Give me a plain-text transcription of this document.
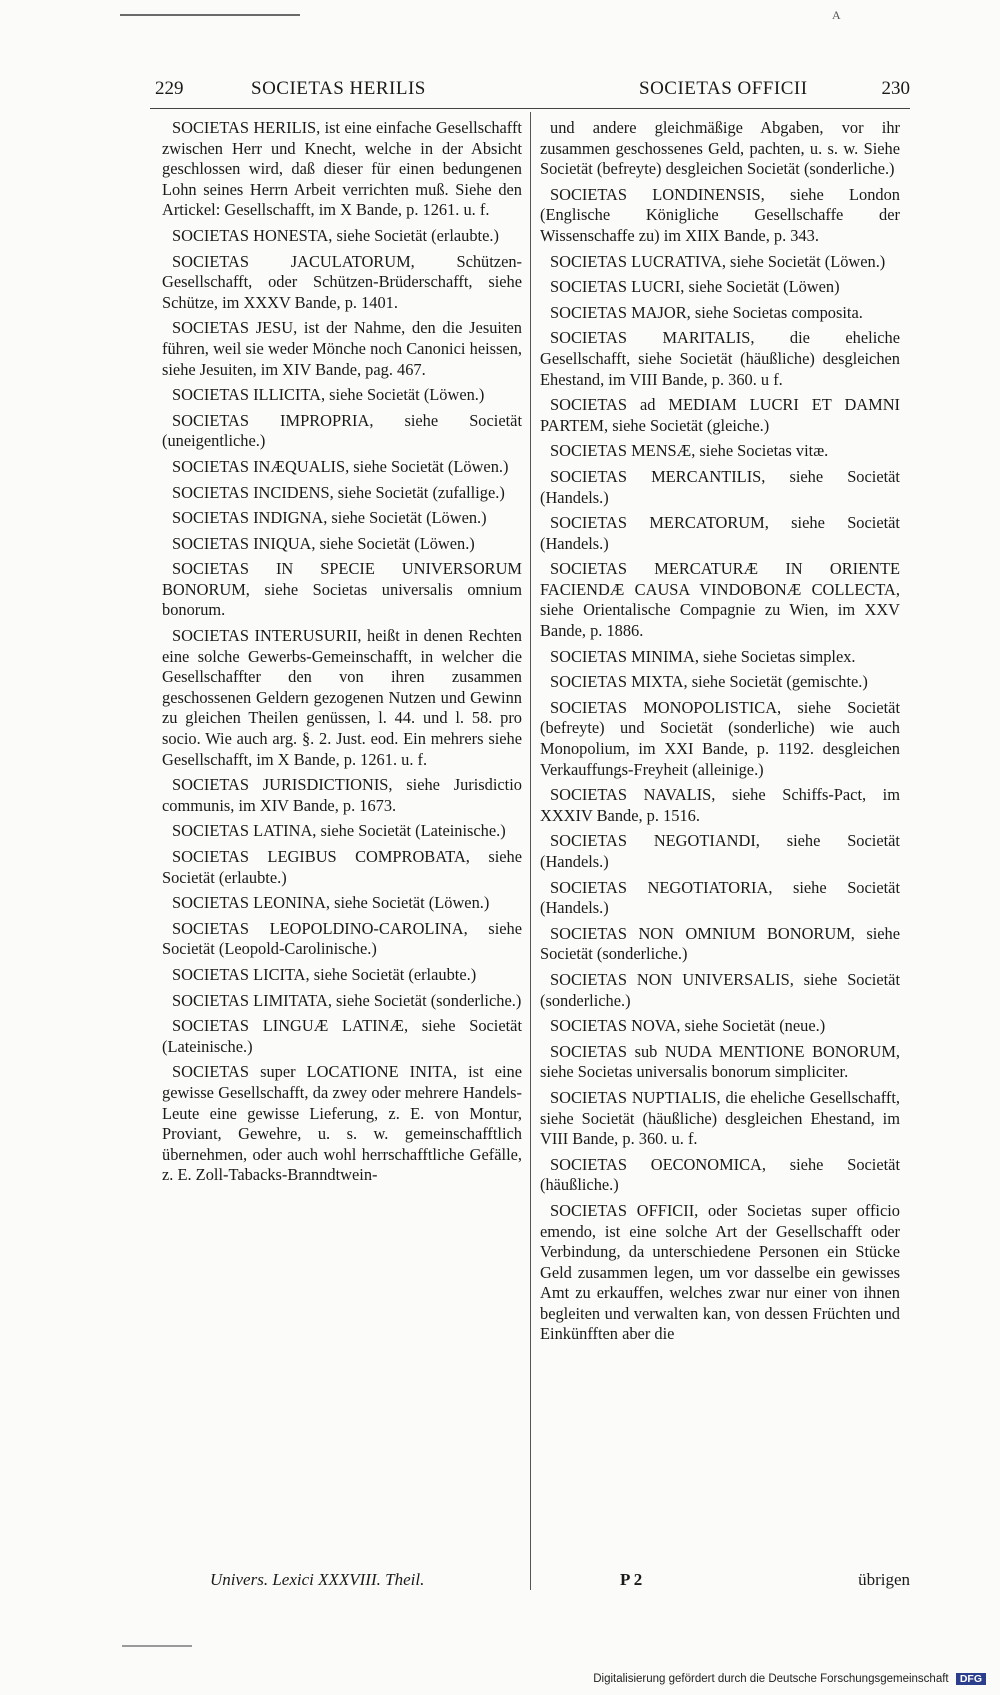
A
229	SOCIETAS HERILIS	SOCIETAS OFFICII	230

SOCIETAS HERILIS, ist eine einfache Gesellschafft zwischen Herr und Knecht, welche in der Absicht geschlossen wird, daß dieser für einen bedungenen Lohn seines Herrn Arbeit verrichten muß. Siehe den Artickel: Gesellschafft, im X Bande, p. 1261. u. f.

SOCIETAS HONESTA, siehe Societät (erlaubte.)

SOCIETAS JACULATORUM, Schützen-Gesellschafft, oder Schützen-Brüderschafft, siehe Schütze, im XXXV Bande, p. 1401.

SOCIETAS JESU, ist der Nahme, den die Jesuiten führen, weil sie weder Mönche noch Canonici heissen, siehe Jesuiten, im XIV Bande, pag. 467.

SOCIETAS ILLICITA, siehe Societät (Löwen.)

SOCIETAS IMPROPRIA, siehe Societät (uneigentliche.)

SOCIETAS INÆQUALIS, siehe Societät (Löwen.)

SOCIETAS INCIDENS, siehe Societät (zufallige.)

SOCIETAS INDIGNA, siehe Societät (Löwen.)

SOCIETAS INIQUA, siehe Societät (Löwen.)

SOCIETAS IN SPECIE UNIVERSORUM BONORUM, siehe Societas universalis omnium bonorum.

SOCIETAS INTERUSURII, heißt in denen Rechten eine solche Gewerbs-Gemeinschafft, in welcher die Gesellschaffter den von ihren zusammen geschossenen Geldern gezogenen Nutzen und Gewinn zu gleichen Theilen genüssen, l. 44. und l. 58. pro socio. Wie auch arg. §. 2. Just. eod. Ein mehrers siehe Gesellschafft, im X Bande, p. 1261. u. f.

SOCIETAS JURISDICTIONIS, siehe Jurisdictio communis, im XIV Bande, p. 1673.

SOCIETAS LATINA, siehe Societät (Lateinische.)

SOCIETAS LEGIBUS COMPROBATA, siehe Societät (erlaubte.)

SOCIETAS LEONINA, siehe Societät (Löwen.)

SOCIETAS LEOPOLDINO-CAROLINA, siehe Societät (Leopold-Carolinische.)

SOCIETAS LICITA, siehe Societät (erlaubte.)

SOCIETAS LIMITATA, siehe Societät (sonderliche.)

SOCIETAS LINGUÆ LATINÆ, siehe Societät (Lateinische.)

SOCIETAS super LOCATIONE INITA, ist eine gewisse Gesellschafft, da zwey oder mehrere Handels-Leute eine gewisse Lieferung, z. E. von Montur, Proviant, Gewehre, u. s. w. gemeinschafftlich übernehmen, oder auch wohl herrschafftliche Gefälle, z. E. Zoll-Tabacks-Branndtwein-

und andere gleichmäßige Abgaben, vor ihr zusammen geschossenes Geld, pachten, u. s. w. Siehe Societät (befreyte) desgleichen Societät (sonderliche.)

SOCIETAS LONDINENSIS, siehe London (Englische Königliche Gesellschaffe der Wissenschaffe zu) im XIIX Bande, p. 343.

SOCIETAS LUCRATIVA, siehe Societät (Löwen.)

SOCIETAS LUCRI, siehe Societät (Löwen)

SOCIETAS MAJOR, siehe Societas composita.

SOCIETAS MARITALIS, die eheliche Gesellschafft, siehe Societät (häußliche) desgleichen Ehestand, im VIII Bande, p. 360. u f.

SOCIETAS ad MEDIAM LUCRI ET DAMNI PARTEM, siehe Societät (gleiche.)

SOCIETAS MENSÆ, siehe Societas vitæ.

SOCIETAS MERCANTILIS, siehe Societät (Handels.)

SOCIETAS MERCATORUM, siehe Societät (Handels.)

SOCIETAS MERCATURÆ IN ORIENTE FACIENDÆ CAUSA VINDOBONÆ COLLECTA, siehe Orientalische Compagnie zu Wien, im XXV Bande, p. 1886.

SOCIETAS MINIMA, siehe Societas simplex.

SOCIETAS MIXTA, siehe Societät (gemischte.)

SOCIETAS MONOPOLISTICA, siehe Societät (befreyte) und Societät (sonderliche) wie auch Monopolium, im XXI Bande, p. 1192. desgleichen Verkauffungs-Freyheit (alleinige.)

SOCIETAS NAVALIS, siehe Schiffs-Pact, im XXXIV Bande, p. 1516.

SOCIETAS NEGOTIANDI, siehe Societät (Handels.)

SOCIETAS NEGOTIATORIA, siehe Societät (Handels.)

SOCIETAS NON OMNIUM BONORUM, siehe Societät (sonderliche.)

SOCIETAS NON UNIVERSALIS, siehe Societät (sonderliche.)

SOCIETAS NOVA, siehe Societät (neue.)

SOCIETAS sub NUDA MENTIONE BONORUM, siehe Societas universalis bonorum simpliciter.

SOCIETAS NUPTIALIS, die eheliche Gesellschafft, siehe Societät (häußliche) desgleichen Ehestand, im VIII Bande, p. 360. u. f.

SOCIETAS OECONOMICA, siehe Societät (häußliche.)

SOCIETAS OFFICII, oder Societas super officio emendo, ist eine solche Art der Gesellschafft oder Verbindung, da unterschiedene Personen ein Stücke Geld zusammen legen, um vor dasselbe ein gewisses Amt zu erkauffen, welches zwar nur einer von ihnen begleiten und verwalten kan, von dessen Früchten und Einkünfften aber die

Univers. Lexici XXXVIII. Theil.	P 2	übrigen
Digitalisierung gefördert durch die Deutsche Forschungsgemeinschaft DFG
